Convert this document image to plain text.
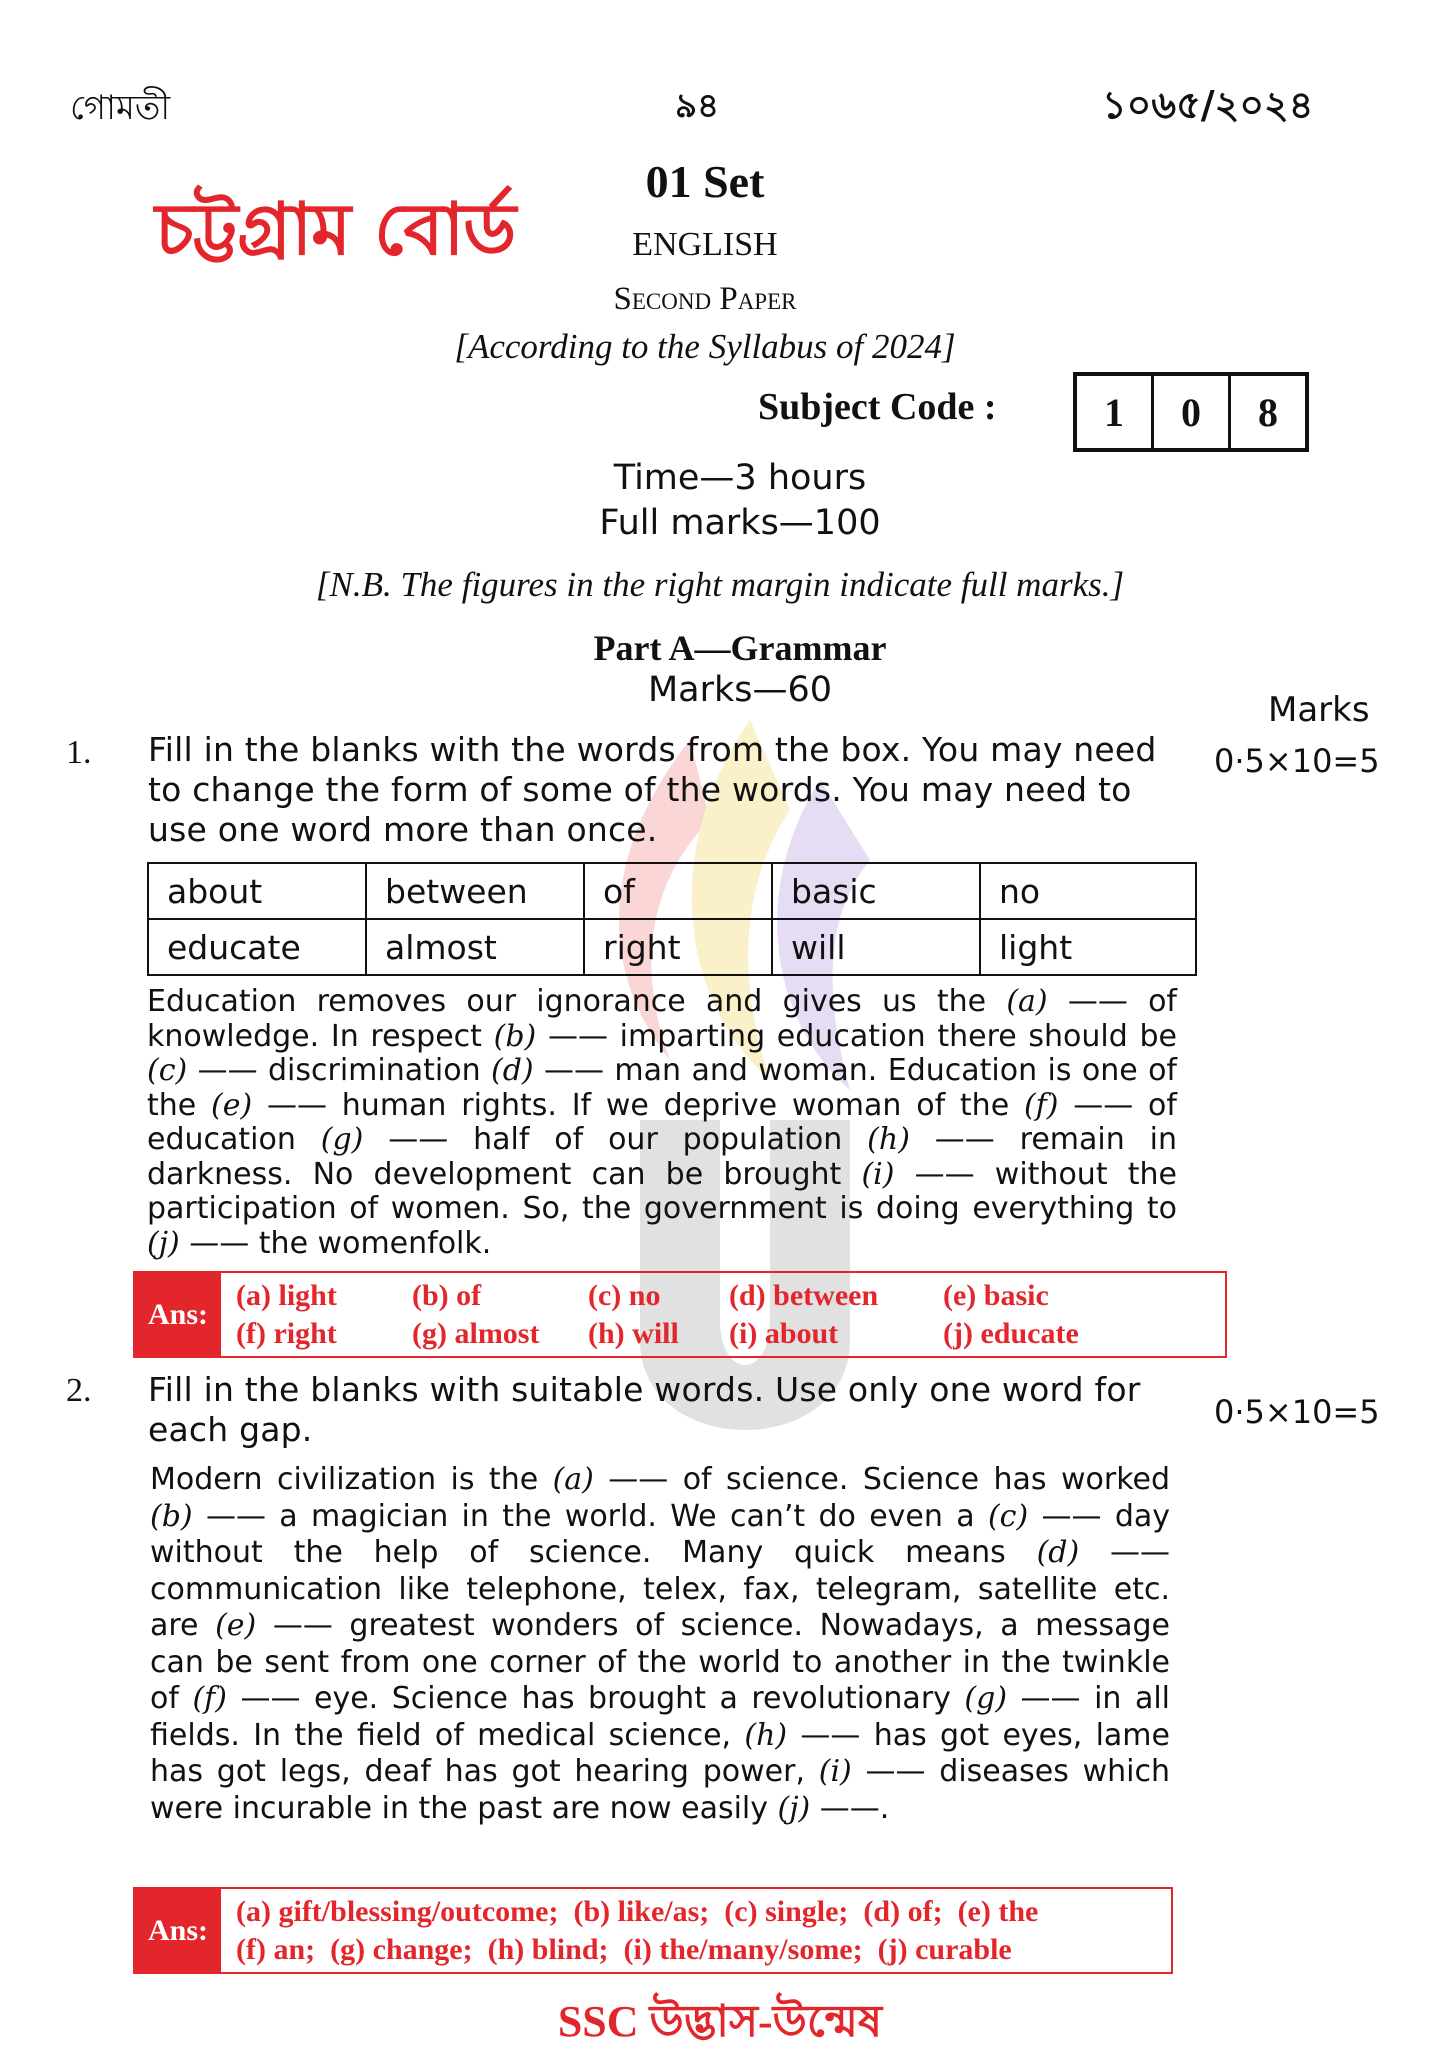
গোমতী	৯৪	১০৬৫/২০২৪
চট্টগ্রাম বোর্ড
01 Set
ENGLISH
Second Paper
[According to the Syllabus of 2024]
Subject Code :	1	0	8
Time—3 hours
Full marks—100
[N.B. The figures in the right margin indicate full marks.]
Part A—Grammar
Marks—60	Marks
1. Fill in the blanks with the words from the box. You may need to change the form of some of the words. You may need to use one word more than once.
0·5×10=5
about	between	of	basic	no
educate	almost	right	will	light
Education removes our ignorance and gives us the (a) —— of knowledge. In respect (b) —— imparting education there should be (c) —— discrimination (d) —— man and woman. Education is one of the (e) —— human rights. If we deprive woman of the (f) —— of education (g) —— half of our population (h) —— remain in darkness. No development can be brought (i) —— without the participation of women. So, the government is doing everything to (j) —— the womenfolk.
Ans:
(a) light	(b) of	(c) no	(d) between	(e) basic
(f) right	(g) almost	(h) will	(i) about	(j) educate
2. Fill in the blanks with suitable words. Use only one word for each gap.	0·5×10=5
Modern civilization is the (a) —— of science. Science has worked (b) —— a magician in the world. We can’t do even a (c) —— day without the help of science. Many quick means (d) ——communication like telephone, telex, fax, telegram, satellite etc. are (e) —— greatest wonders of science. Nowadays, a message can be sent from one corner of the world to another in the twinkle of (f) —— eye. Science has brought a revolutionary (g) —— in all fields. In the field of medical science, (h) —— has got eyes, lame has got legs, deaf has got hearing power, (i) —— diseases which were incurable in the past are now easily (j) ——.
Ans:
(a) gift/blessing/outcome;  (b) like/as;  (c) single;  (d) of;  (e) the
(f) an;  (g) change;  (h) blind;  (i) the/many/some;  (j) curable
SSC উদ্ভাস-উন্মেষ
